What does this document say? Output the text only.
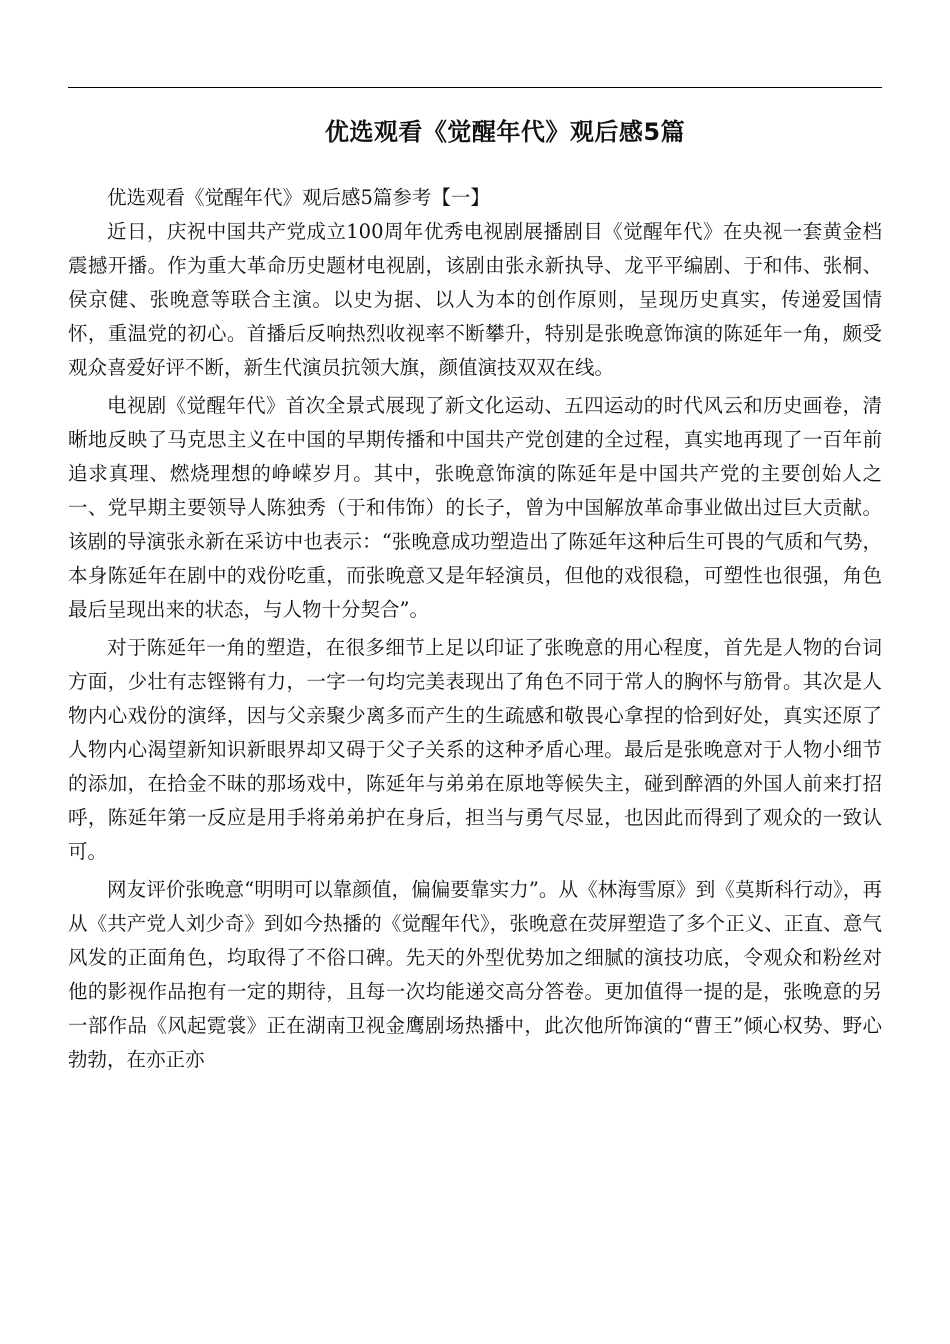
优选观看《觉醒年代》观后感5篇

优选观看《觉醒年代》观后感5篇参考【一】

近日，庆祝中国共产党成立100周年优秀电视剧展播剧目《觉醒年代》在央视一套黄金档震撼开播。作为重大革命历史题材电视剧，该剧由张永新执导、龙平平编剧、于和伟、张桐、侯京健、张晚意等联合主演。以史为据、以人为本的创作原则，呈现历史真实，传递爱国情怀，重温党的初心。首播后反响热烈收视率不断攀升，特别是张晚意饰演的陈延年一角，颇受观众喜爱好评不断，新生代演员抗领大旗，颜值演技双双在线。

电视剧《觉醒年代》首次全景式展现了新文化运动、五四运动的时代风云和历史画卷，清晰地反映了马克思主义在中国的早期传播和中国共产党创建的全过程，真实地再现了一百年前追求真理、燃烧理想的峥嵘岁月。其中，张晚意饰演的陈延年是中国共产党的主要创始人之一、党早期主要领导人陈独秀（于和伟饰）的长子，曾为中国解放革命事业做出过巨大贡献。该剧的导演张永新在采访中也表示：“张晚意成功塑造出了陈延年这种后生可畏的气质和气势，本身陈延年在剧中的戏份吃重，而张晚意又是年轻演员，但他的戏很稳，可塑性也很强，角色最后呈现出来的状态，与人物十分契合”。

对于陈延年一角的塑造，在很多细节上足以印证了张晚意的用心程度，首先是人物的台词方面，少壮有志铿锵有力，一字一句均完美表现出了角色不同于常人的胸怀与筋骨。其次是人物内心戏份的演绎，因与父亲聚少离多而产生的生疏感和敬畏心拿捏的恰到好处，真实还原了人物内心渴望新知识新眼界却又碍于父子关系的这种矛盾心理。最后是张晚意对于人物小细节的添加，在拾金不昧的那场戏中，陈延年与弟弟在原地等候失主，碰到醉酒的外国人前来打招呼，陈延年第一反应是用手将弟弟护在身后，担当与勇气尽显，也因此而得到了观众的一致认可。

网友评价张晚意“明明可以靠颜值，偏偏要靠实力”。从《林海雪原》到《莫斯科行动》，再从《共产党人刘少奇》到如今热播的《觉醒年代》，张晚意在荧屏塑造了多个正义、正直、意气风发的正面角色，均取得了不俗口碑。先天的外型优势加之细腻的演技功底，令观众和粉丝对他的影视作品抱有一定的期待，且每一次均能递交高分答卷。更加值得一提的是，张晚意的另一部作品《风起霓裳》正在湖南卫视金鹰剧场热播中，此次他所饰演的“曹王”倾心权势、野心勃勃，在亦正亦
